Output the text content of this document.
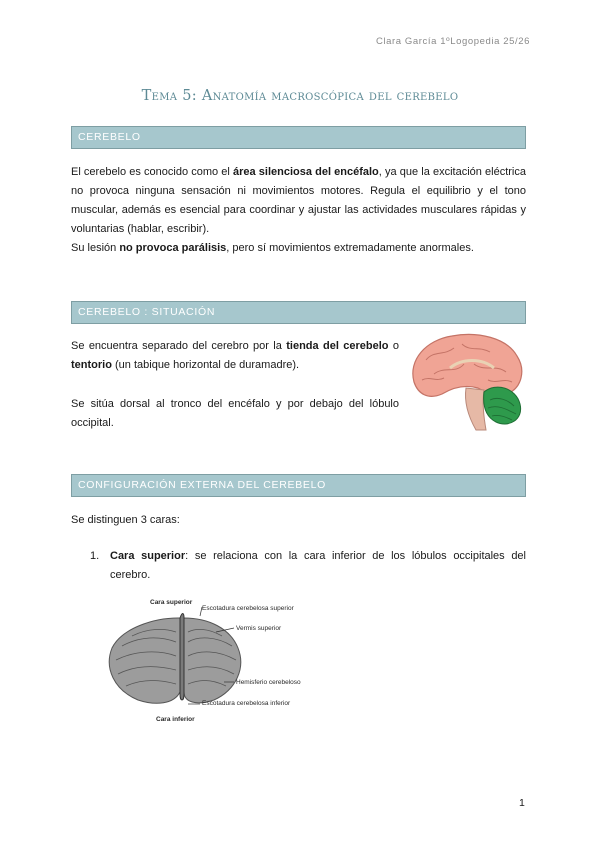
Clara García 1ºLogopedia 25/26
Tema 5: Anatomía macroscópica del cerebelo
CEREBELO
El cerebelo es conocido como el área silenciosa del encéfalo, ya que la excitación eléctrica no provoca ninguna sensación ni movimientos motores. Regula el equilibrio y el tono muscular, además es esencial para coordinar y ajustar las actividades musculares rápidas y voluntarias (hablar, escribir).
Su lesión no provoca parálisis, pero sí movimientos extremadamente anormales.
CEREBELO : SITUACIÓN
Se encuentra separado del cerebro por la tienda del cerebelo o tentorio (un tabique horizontal de duramadre).
Se sitúa dorsal al tronco del encéfalo y por debajo del lóbulo occipital.
CONFIGURACIÓN EXTERNA DEL CEREBELO
Se distinguen 3 caras:
1. Cara superior: se relaciona con la cara inferior de los lóbulos occipitales del cerebro.
Cara superior
Escotadura cerebelosa superior
Vermis superior
Hemisferio cerebeloso
Escotadura cerebelosa inferior
Cara inferior
1
